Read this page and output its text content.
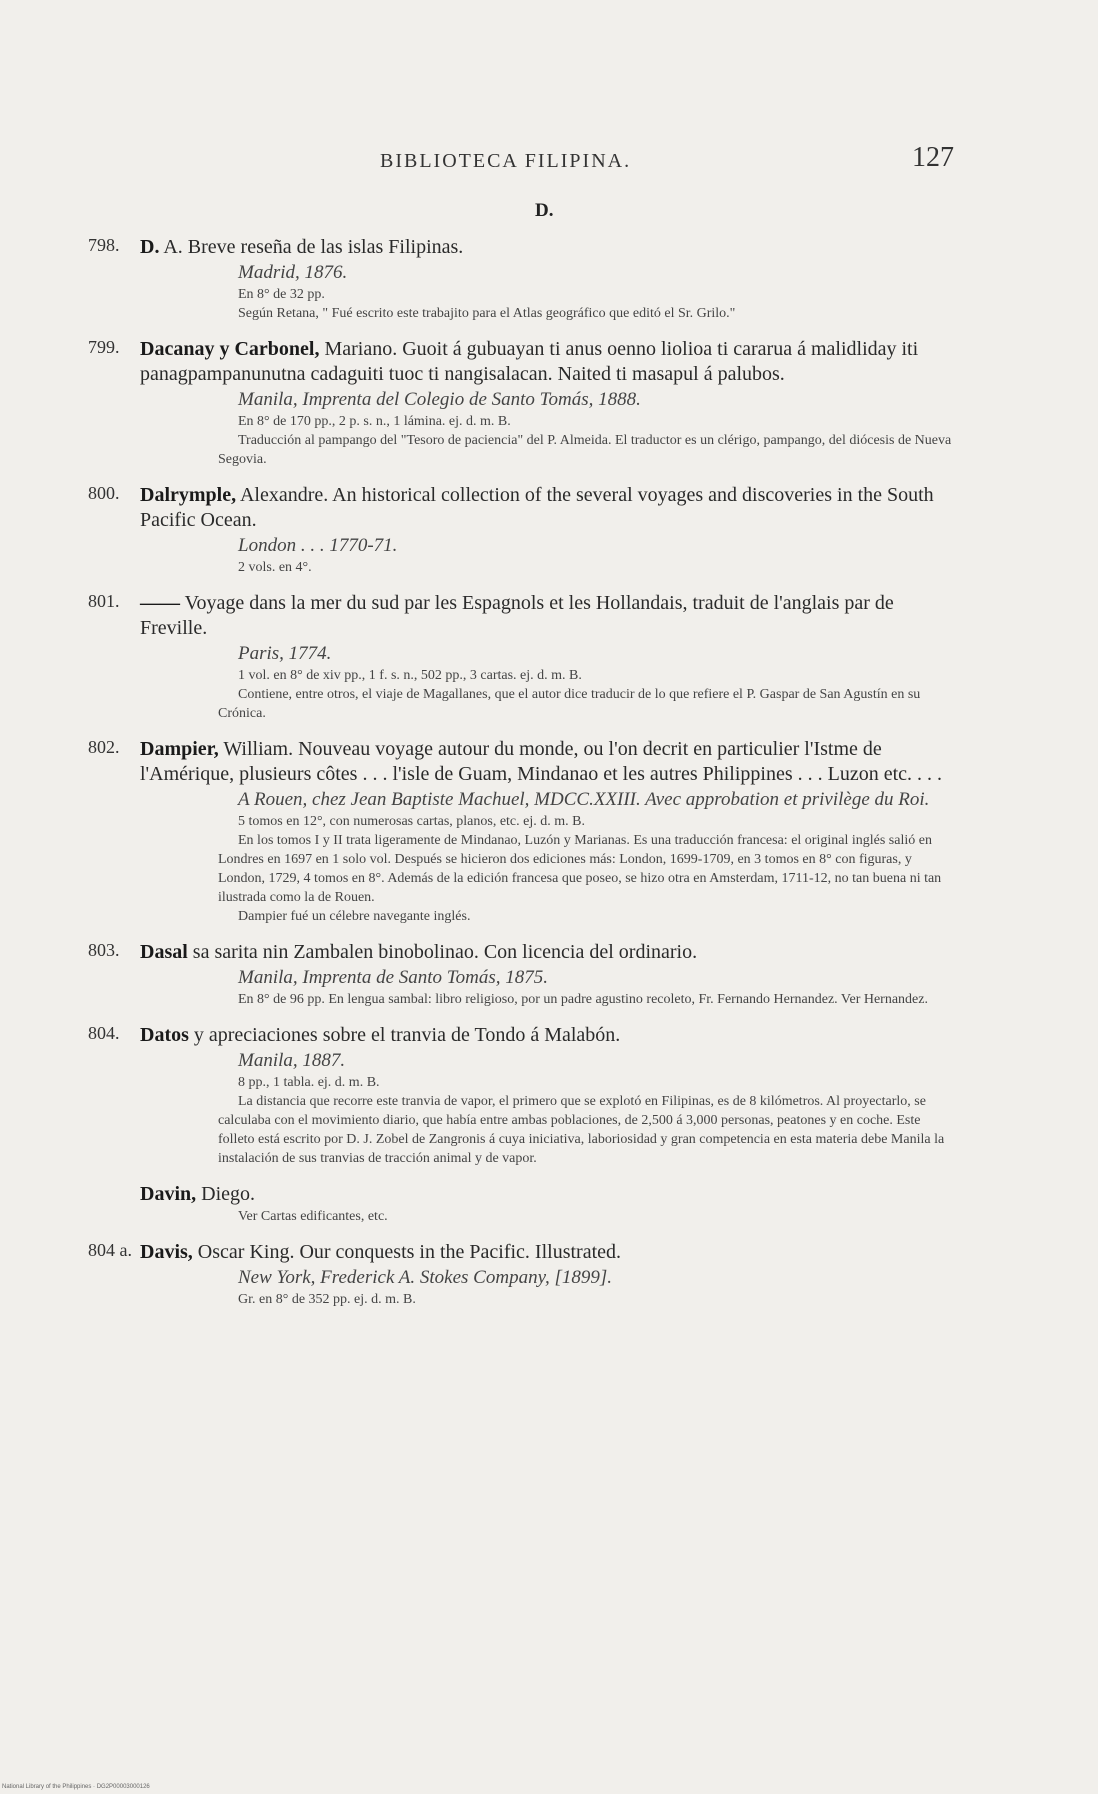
BIBLIOTECA FILIPINA.	127
D.
798.	D. A. Breve reseña de las islas Filipinas.
Madrid, 1876.
En 8° de 32 pp.
Según Retana, " Fué escrito este trabajito para el Atlas geográfico que editó el Sr. Grilo."
799.	Dacanay y Carbonel, Mariano. Guoit á gubuayan ti anus oenno liolioa ti cararua á malidliday iti panagpampanunutna cadaguiti tuoc ti nangisalacan. Naited ti masapul á palubos.
Manila, Imprenta del Colegio de Santo Tomás, 1888.
En 8° de 170 pp., 2 p. s. n., 1 lámina. ej. d. m. B.
Traducción al pampango del "Tesoro de paciencia" del P. Almeida. El traductor es un clérigo, pampango, del diócesis de Nueva Segovia.
800.	Dalrymple, Alexandre. An historical collection of the several voyages and discoveries in the South Pacific Ocean.
London . . . 1770-71.
2 vols. en 4°.
801.	—— Voyage dans la mer du sud par les Espagnols et les Hollandais, traduit de l'anglais par de Freville.
Paris, 1774.
1 vol. en 8° de xiv pp., 1 f. s. n., 502 pp., 3 cartas. ej. d. m. B.
Contiene, entre otros, el viaje de Magallanes, que el autor dice traducir de lo que refiere el P. Gaspar de San Agustín en su Crónica.
802.	Dampier, William. Nouveau voyage autour du monde, ou l'on decrit en particulier l'Istme de l'Amérique, plusieurs côtes . . . l'isle de Guam, Mindanao et les autres Philippines . . . Luzon etc. . . .
A Rouen, chez Jean Baptiste Machuel, MDCC.XXIII. Avec approbation et privilège du Roi.
5 tomos en 12°, con numerosas cartas, planos, etc. ej. d. m. B.
En los tomos I y II trata ligeramente de Mindanao, Luzón y Marianas. Es una traducción francesa: el original inglés salió en Londres en 1697 en 1 solo vol. Después se hicieron dos ediciones más: London, 1699-1709, en 3 tomos en 8° con figuras, y London, 1729, 4 tomos en 8°. Además de la edición francesa que poseo, se hizo otra en Amsterdam, 1711-12, no tan buena ni tan ilustrada como la de Rouen.
Dampier fué un célebre navegante inglés.
803.	Dasal sa sarita nin Zambalen binobolinao. Con licencia del ordinario.
Manila, Imprenta de Santo Tomás, 1875.
En 8° de 96 pp. En lengua sambal: libro religioso, por un padre agustino recoleto, Fr. Fernando Hernandez. Ver Hernandez.
804.	Datos y apreciaciones sobre el tranvia de Tondo á Malabón.
Manila, 1887.
8 pp., 1 tabla. ej. d. m. B.
La distancia que recorre este tranvia de vapor, el primero que se explotó en Filipinas, es de 8 kilómetros. Al proyectarlo, se calculaba con el movimiento diario, que había entre ambas poblaciones, de 2,500 á 3,000 personas, peatones y en coche. Este folleto está escrito por D. J. Zobel de Zangronis á cuya iniciativa, laboriosidad y gran competencia en esta materia debe Manila la instalación de sus tranvias de tracción animal y de vapor.
Davin, Diego.
Ver Cartas edificantes, etc.
804 a. Davis, Oscar King. Our conquests in the Pacific. Illustrated.
New York, Frederick A. Stokes Company, [1899].
Gr. en 8° de 352 pp. ej. d. m. B.
National Library of the Philippines · DG2P00003000126
